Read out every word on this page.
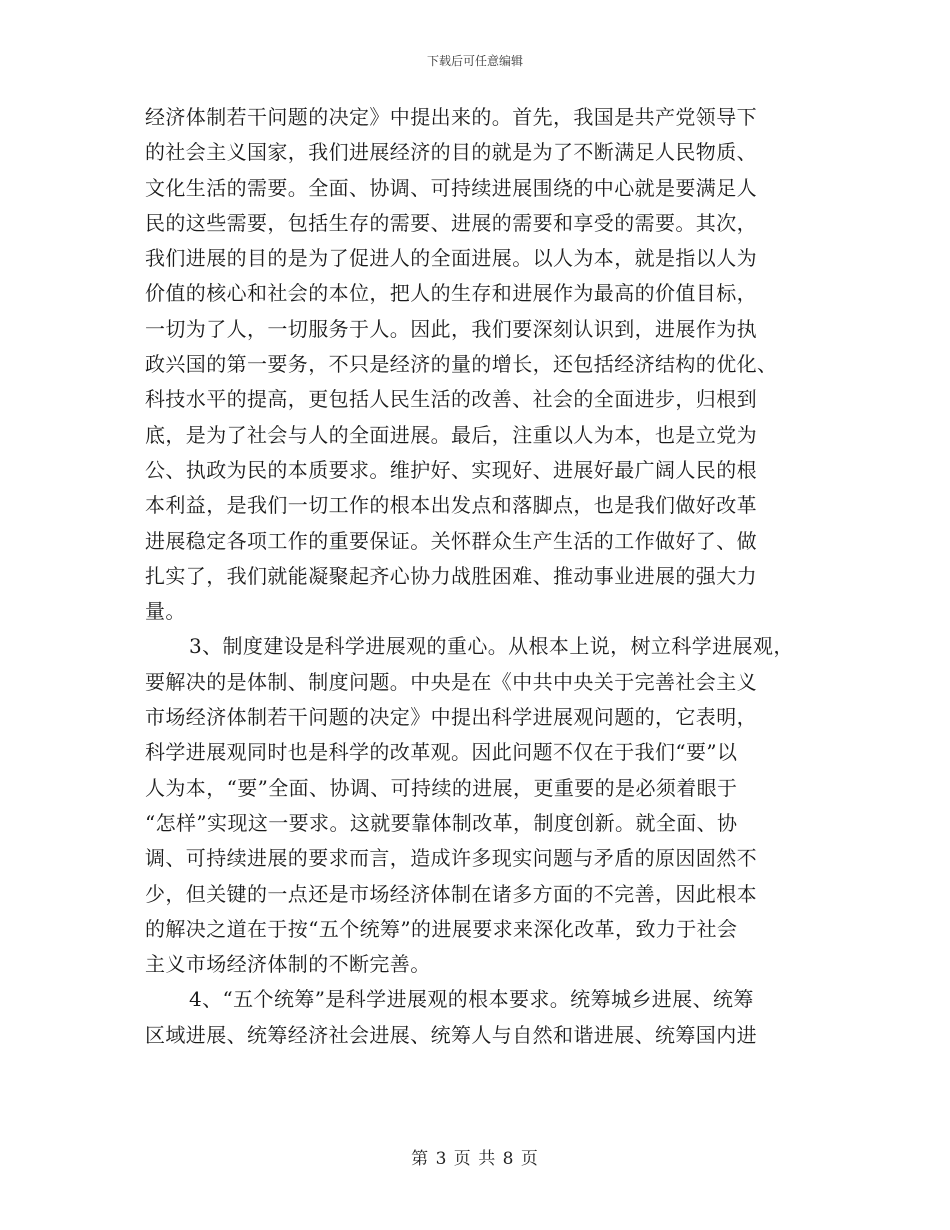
下载后可任意编辑
经济体制若干问题的决定》中提出来的。首先，我国是共产党领导下
的社会主义国家，我们进展经济的目的就是为了不断满足人民物质、
文化生活的需要。全面、协调、可持续进展围绕的中心就是要满足人
民的这些需要，包括生存的需要、进展的需要和享受的需要。其次，
我们进展的目的是为了促进人的全面进展。以人为本，就是指以人为
价值的核心和社会的本位，把人的生存和进展作为最高的价值目标，
一切为了人，一切服务于人。因此，我们要深刻认识到，进展作为执
政兴国的第一要务，不只是经济的量的增长，还包括经济结构的优化、
科技水平的提高，更包括人民生活的改善、社会的全面进步，归根到
底，是为了社会与人的全面进展。最后，注重以人为本，也是立党为
公、执政为民的本质要求。维护好、实现好、进展好最广阔人民的根
本利益，是我们一切工作的根本出发点和落脚点，也是我们做好改革
进展稳定各项工作的重要保证。关怀群众生产生活的工作做好了、做
扎实了，我们就能凝聚起齐心协力战胜困难、推动事业进展的强大力
量。
3、制度建设是科学进展观的重心。从根本上说，树立科学进展观，
要解决的是体制、制度问题。中央是在《中共中央关于完善社会主义
市场经济体制若干问题的决定》中提出科学进展观问题的，它表明，
科学进展观同时也是科学的改革观。因此问题不仅在于我们“要”以
人为本，“要”全面、协调、可持续的进展，更重要的是必须着眼于
“怎样”实现这一要求。这就要靠体制改革，制度创新。就全面、协
调、可持续进展的要求而言，造成许多现实问题与矛盾的原因固然不
少，但关键的一点还是市场经济体制在诸多方面的不完善，因此根本
的解决之道在于按“五个统筹”的进展要求来深化改革，致力于社会
主义市场经济体制的不断完善。
4、“五个统筹”是科学进展观的根本要求。统筹城乡进展、统筹
区域进展、统筹经济社会进展、统筹人与自然和谐进展、统筹国内进
第 3 页 共 8 页
